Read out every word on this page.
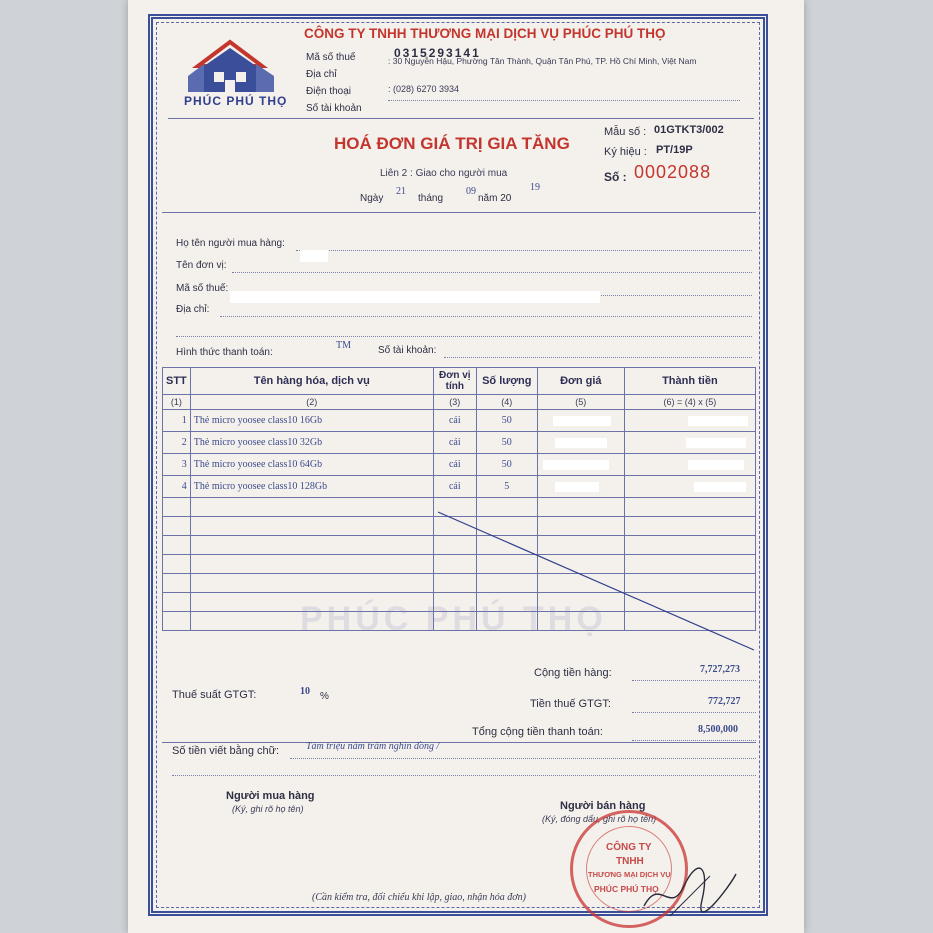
PHÚC PHÚ THỌ
CÔNG TY TNHH THƯƠNG MẠI DỊCH VỤ PHÚC PHÚ THỌ
Mã số thuế	0315293141
Địa chỉ
: 30 Nguyễn Hậu, Phường Tân Thành, Quận Tân Phú, TP. Hồ Chí Minh, Việt Nam
Điện thoại	: (028) 6270 3934
Số tài khoản
HOÁ ĐƠN GIÁ TRỊ GIA TĂNG
Liên 2 : Giao cho người mua
Ngày
21
tháng
09
năm 20
19
Mẫu số : 01GTKT3/002
Ký hiệu : PT/19P
Số : 0002088
Họ tên người mua hàng:
Tên đơn vị:
Mã số thuế:
Địa chỉ:
Hình thức thanh toán:
TM	Số tài khoản:
STT	Tên hàng hóa, dịch vụ	Đơn vị tính	Số lượng	Đơn giá	Thành tiền
(1)	(2)	(3)	(4)	(5)	(6) = (4) x (5)
1	Thẻ micro yoosee class10 16Gb	cái	50	

2	Thẻ micro yoosee class10 32Gb	cái	50	

3	Thẻ micro yoosee class10 64Gb	cái	50	

4	Thẻ micro yoosee class10 128Gb	cái	5	

PHÚC PHÚ THỌ
Cộng tiền hàng:	7,727,273
Thuế suất GTGT:	10 %
Tiền thuế GTGT:	772,727
Tổng cộng tiền thanh toán:	8,500,000
Số tiền viết bằng chữ:	Tám triệu năm trăm nghìn đồng /
Người mua hàng
(Ký, ghi rõ họ tên)	Người bán hàng
(Ký, đóng dấu, ghi rõ họ tên)
CÔNG TY
TNHH
THƯƠNG MẠI DỊCH VỤ
PHÚC PHÚ THỌ
(Cần kiểm tra, đối chiếu khi lập, giao, nhận hóa đơn)
